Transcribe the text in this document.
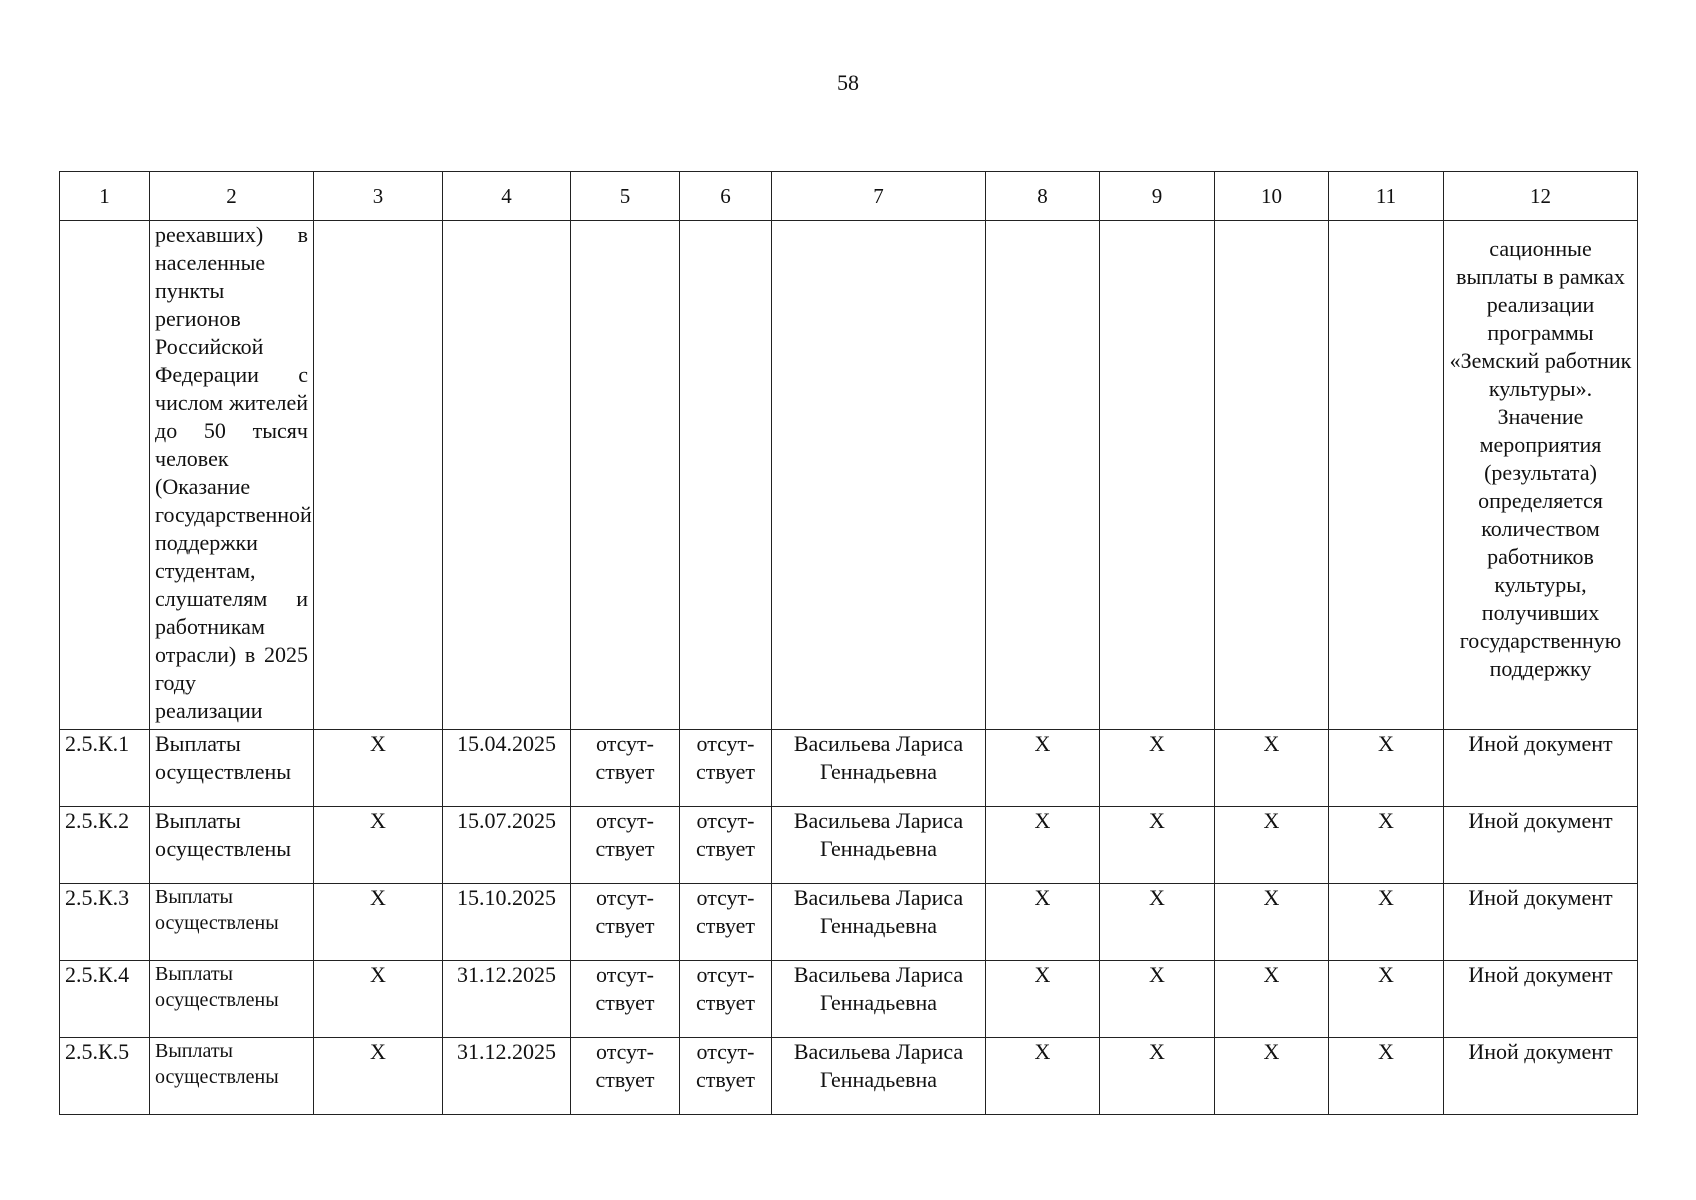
58
1	2	3	4	5	6	7	8	9	10	11	12
	реехавших) в населенные пункты регионов Российской Федерации с числом жителей до 50 тысяч человек (Оказание государственной поддержки студентам, слушателям и работникам отрасли) в 2025 году реализации										сационные выплаты в рамках реализации программы «Земский работник культуры». Значение мероприятия (результата) определяется количеством работников культуры, получивших государственную поддержку
2.5.К.1	Выплаты осуществлены	X	15.04.2025	отсут-ствует	отсут-ствует	Васильева Лариса Геннадьевна	X	X	X	X	Иной документ
2.5.К.2	Выплаты осуществлены	X	15.07.2025	отсут-ствует	отсут-ствует	Васильева Лариса Геннадьевна	X	X	X	X	Иной документ
2.5.К.3	Выплаты осуществлены	X	15.10.2025	отсут-ствует	отсут-ствует	Васильева Лариса Геннадьевна	X	X	X	X	Иной документ
2.5.К.4	Выплаты осуществлены	X	31.12.2025	отсут-ствует	отсут-ствует	Васильева Лариса Геннадьевна	X	X	X	X	Иной документ
2.5.К.5	Выплаты осуществлены	X	31.12.2025	отсут-ствует	отсут-ствует	Васильева Лариса Геннадьевна	X	X	X	X	Иной документ
